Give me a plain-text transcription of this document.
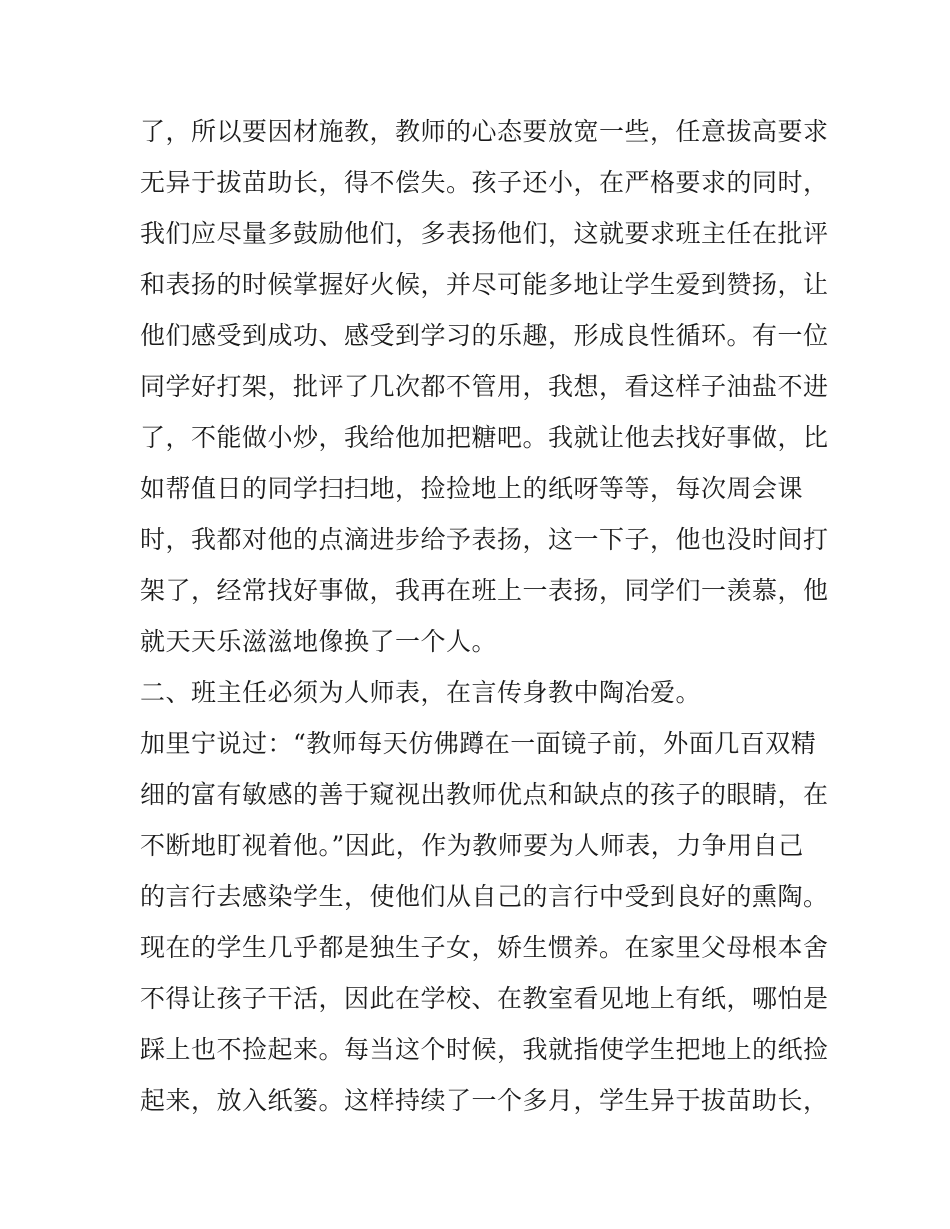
了，所以要因材施教，教师的心态要放宽一些，任意拔高要求
无异于拔苗助长，得不偿失。孩子还小，在严格要求的同时，
我们应尽量多鼓励他们，多表扬他们，这就要求班主任在批评
和表扬的时候掌握好火候，并尽可能多地让学生爱到赞扬，让
他们感受到成功、感受到学习的乐趣，形成良性循环。有一位
同学好打架，批评了几次都不管用，我想，看这样子油盐不进
了，不能做小炒，我给他加把糖吧。我就让他去找好事做，比
如帮值日的同学扫扫地，捡捡地上的纸呀等等，每次周会课
时，我都对他的点滴进步给予表扬，这一下子，他也没时间打
架了，经常找好事做，我再在班上一表扬，同学们一羡慕，他
就天天乐滋滋地像换了一个人。
二、班主任必须为人师表，在言传身教中陶冶爱。
加里宁说过：“教师每天仿佛蹲在一面镜子前，外面几百双精
细的富有敏感的善于窥视出教师优点和缺点的孩子的眼睛，在
不断地盯视着他。”因此，作为教师要为人师表，力争用自己
的言行去感染学生，使他们从自己的言行中受到良好的熏陶。
现在的学生几乎都是独生子女，娇生惯养。在家里父母根本舍
不得让孩子干活，因此在学校、在教室看见地上有纸，哪怕是
踩上也不捡起来。每当这个时候，我就指使学生把地上的纸捡
起来，放入纸篓。这样持续了一个多月，学生异于拔苗助长，
